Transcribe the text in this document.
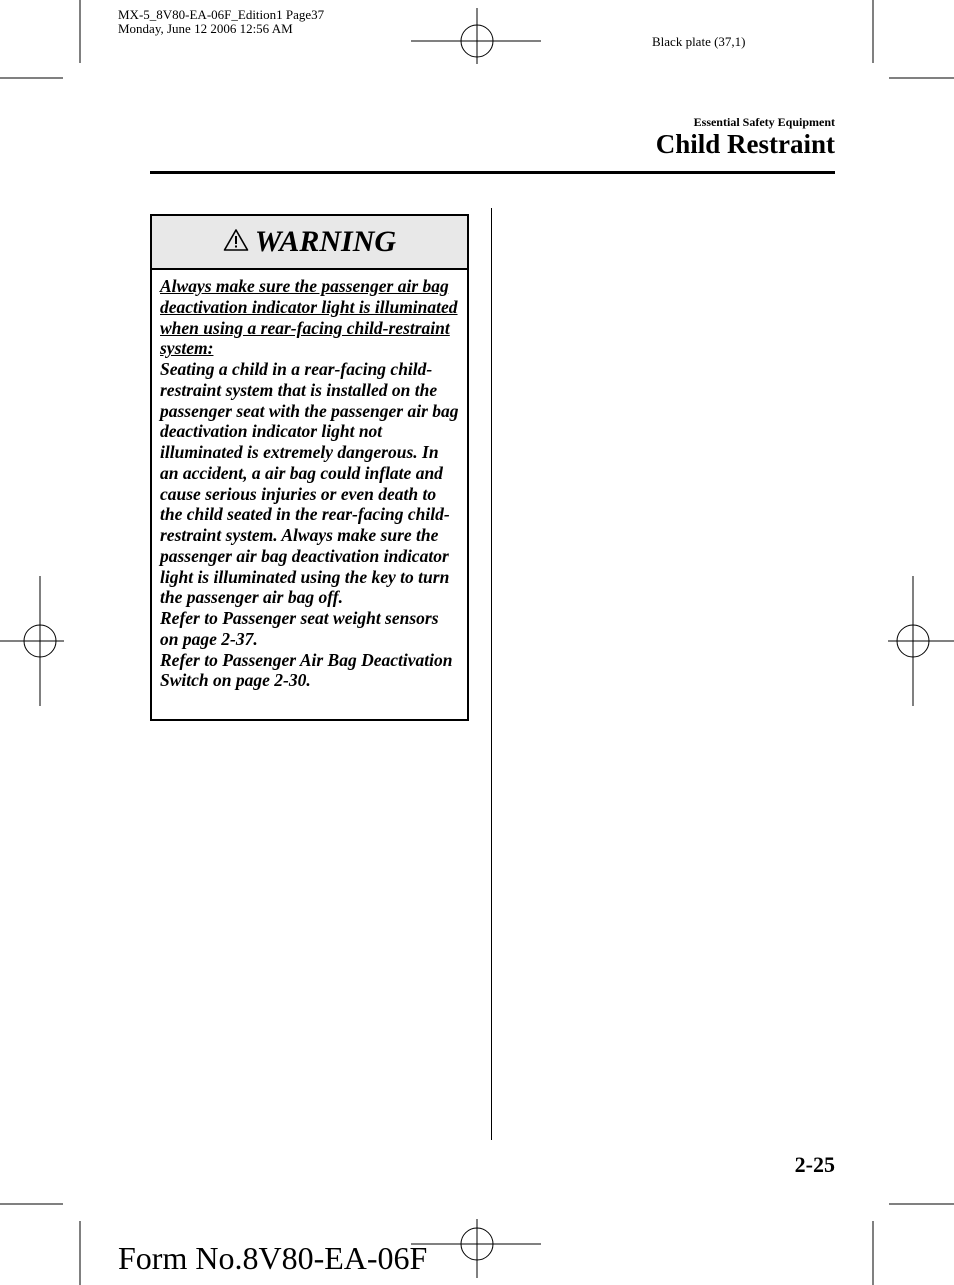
MX-5_8V80-EA-06F_Edition1 Page37
Monday, June 12 2006 12:56 AM
Black plate (37,1)
Essential Safety Equipment
Child Restraint
WARNING

Always make sure the passenger air bag deactivation indicator light is illuminated when using a rear-facing child-restraint system:

Seating a child in a rear-facing child-restraint system that is installed on the passenger seat with the passenger air bag deactivation indicator light not illuminated is extremely dangerous. In an accident, a air bag could inflate and cause serious injuries or even death to the child seated in the rear-facing child-restraint system. Always make sure the passenger air bag deactivation indicator light is illuminated using the key to turn the passenger air bag off.

Refer to Passenger seat weight sensors on page 2-37.

Refer to Passenger Air Bag Deactivation Switch on page 2-30.

2-25
Form No.8V80-EA-06F
